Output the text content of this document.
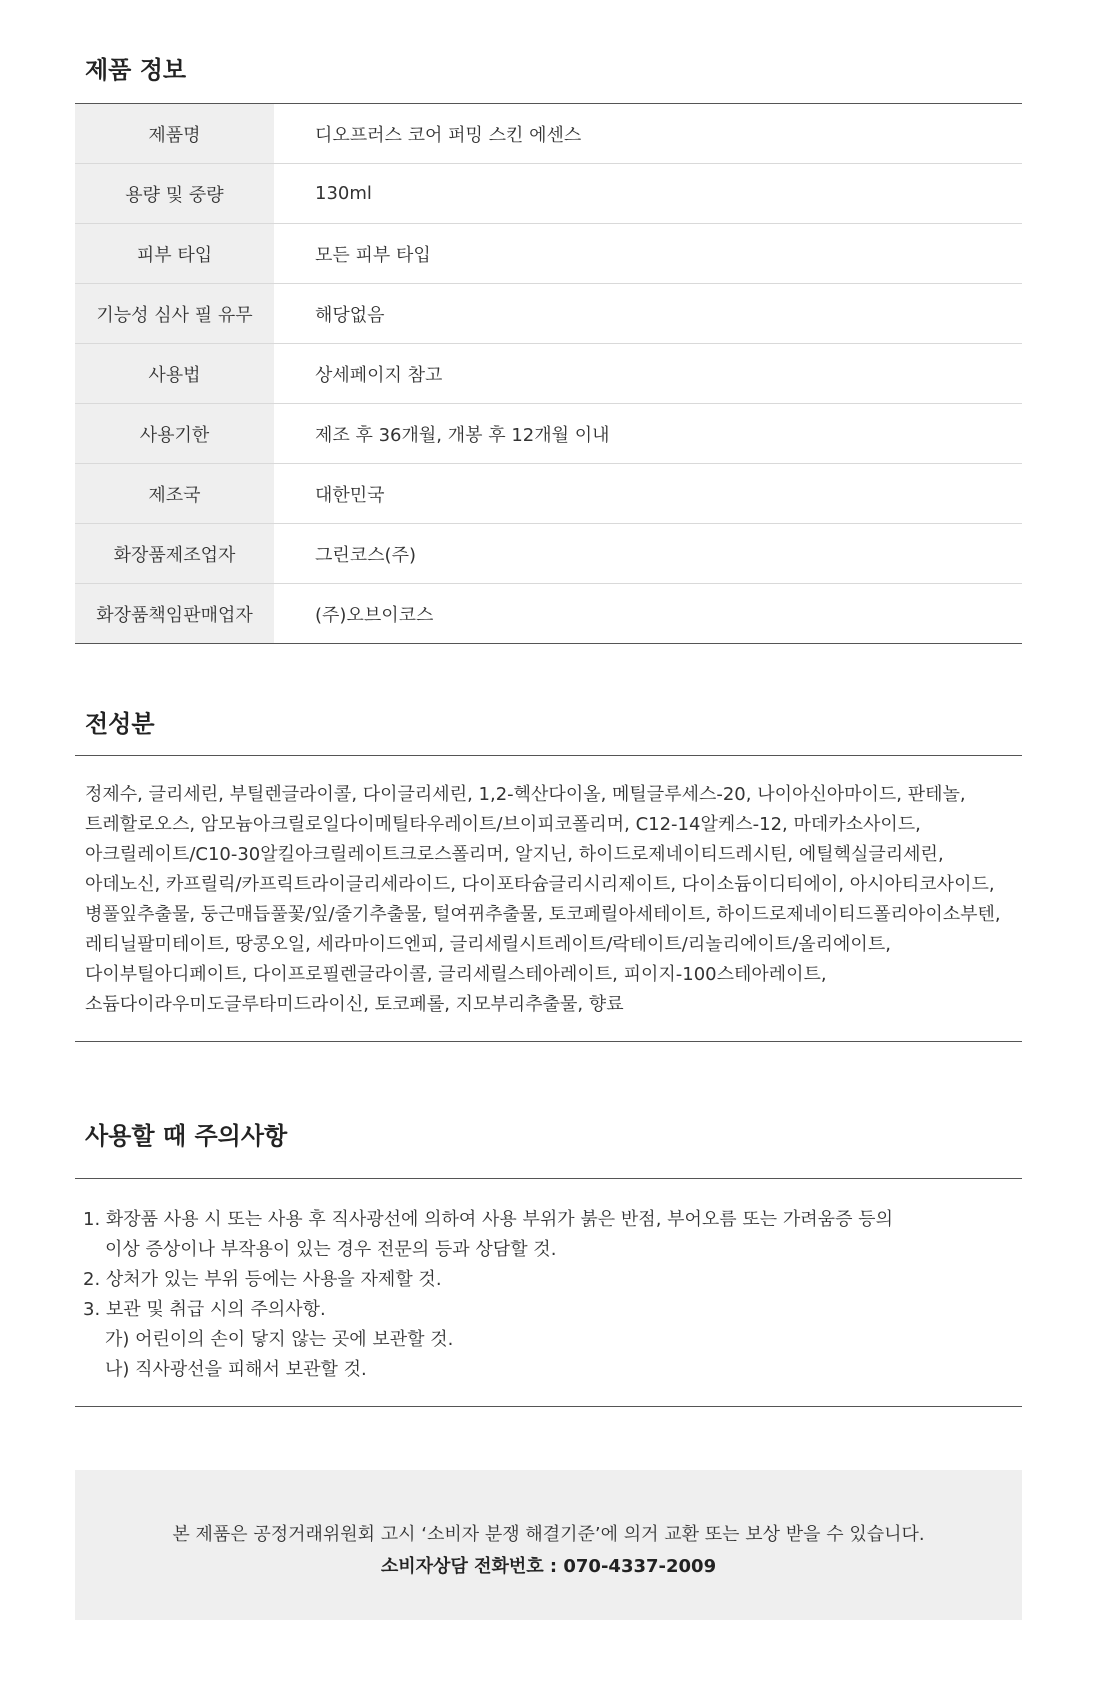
제품 정보
제품명	디오프러스 코어 퍼밍 스킨 에센스
용량 및 중량	130ml
피부 타입	모든 피부 타입
기능성 심사 필 유무	해당없음
사용법	상세페이지 참고
사용기한	제조 후 36개월, 개봉 후 12개월 이내
제조국	대한민국
화장품제조업자	그린코스(주)
화장품책임판매업자	(주)오브이코스
전성분

정제수, 글리세린, 부틸렌글라이콜, 다이글리세린, 1,2-헥산다이올, 메틸글루세스-20, 나이아신아마이드, 판테놀, 트레할로오스, 암모늄아크릴로일다이메틸타우레이트/브이피코폴리머, C12-14알케스-12, 마데카소사이드, 아크릴레이트/C10-30알킬아크릴레이트크로스폴리머, 알지닌, 하이드로제네이티드레시틴, 에틸헥실글리세린, 아데노신, 카프릴릭/카프릭트라이글리세라이드, 다이포타슘글리시리제이트, 다이소듐이디티에이, 아시아티코사이드, 병풀잎추출물, 둥근매듭풀꽃/잎/줄기추출물, 털여뀌추출물, 토코페릴아세테이트, 하이드로제네이티드폴리아이소부텐, 레티닐팔미테이트, 땅콩오일, 세라마이드엔피, 글리세릴시트레이트/락테이트/리놀리에이트/올리에이트, 다이부틸아디페이트, 다이프로필렌글라이콜, 글리세릴스테아레이트, 피이지-100스테아레이트, 소듐다이라우미도글루타미드라이신, 토코페롤, 지모부리추출물, 향료

사용할 때 주의사항
1. 화장품 사용 시 또는 사용 후 직사광선에 의하여 사용 부위가 붉은 반점, 부어오름 또는 가려움증 등의
이상 증상이나 부작용이 있는 경우 전문의 등과 상담할 것.
2. 상처가 있는 부위 등에는 사용을 자제할 것.
3. 보관 및 취급 시의 주의사항.
가) 어린이의 손이 닿지 않는 곳에 보관할 것.
나) 직사광선을 피해서 보관할 것.
본 제품은 공정거래위원회 고시 ‘소비자 분쟁 해결기준’에 의거 교환 또는 보상 받을 수 있습니다.
소비자상담 전화번호 : 070-4337-2009
